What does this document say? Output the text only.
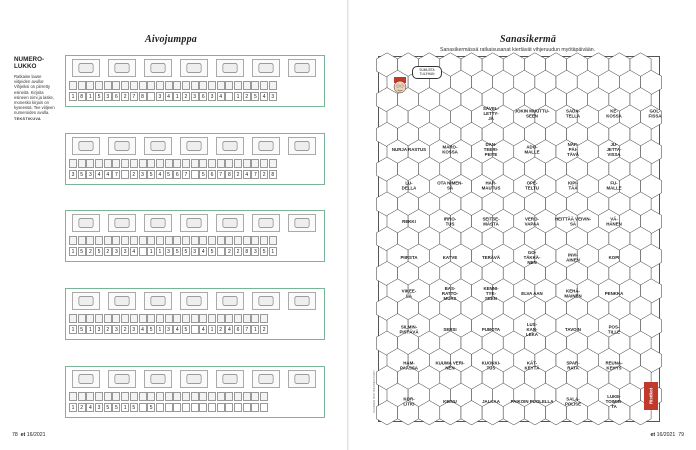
Aivojumppa
NUMERO-
LUKKO
Ratkaise lause viitjeiden avulla! Vihjeiksi on piirretty esineitä. Kirjoita esineen nimi ja laske, monesko kirjain on kyseessä. Tee viitjeen numeroiden avulla.
TEKSTIKUVA
1	8	1	5	3	6	2	7	8	3	4	1	2	3	6	3	4	1	2	5	4	3
3	5	3	4	4	7	2	3	5	4	5	6	7	5	6	7	8	2	4	7	2	8
1	5	2	5	2	3	3	4	1	1	3	5	5	3	4	5	2	2	8	3	5	1
1	5	1	3	2	3	2	3	4	5	1	3	4	5	4	1	2	4	6	7	1	2
1	2	4	3	5	5	1	5	5
78 et 16/2021
Sanasikermä
Sanasikermässä ratkaisusanat kiertävät vihjeruudun myötäpäivään.
SÄVEL-LETTY-JÄ
JOKIN MUUTTU-SEEN
SADA-TELLA
KE-KOSSA
GOL-FISSA
NURJA RASTUS
MARO-KOSSA
DAN-TEERI-PEITE
ADO-MALLE
NÄP-PÄI-TÄVÄ
JU-JETTA-VISSA
LU-DELLA
OTA NIMEN-SÄ
HAR-MAUTUS
OPE-TELTU
KIPI-TÄÄ
FU-MALLE
REKKI
IRRO-TUS
SEITSE-MÄSTÄ
VERO-VAPAA
HEITTÄÄ VEIVIN-SÄ
VÄ-HÄNEN
PIIRSTA	KATVE	TERÄVÄ
GO-TÄKKÄ-NEN
INVI-AINEN
KOPI
VIKEE-LÄ
BAS-RATTO-MURS
KENNI-TYK-SEEN
ELVA AAN
KEHÄ-MAINEN
PENKKA
SILMIN-PISTÄVÄ
SERSI	PUBOTA
LUS-KAN-LEKA
TAVOIN
POS-TILLE
HAM-PAASSA
KUUMA VERI-NEN
KUOKKI-TUS
KÄT-KEYTÄ
SPAR-RATA
REUNA-KEHYS
KOR-LITIO
KEINU	JALKAA PAIKOIN PUOLELLA
SALA-POLISE
LUKE-TOIMIN-TA
SUMUSTA TULEHAN
SUOMEN RISTIKKOMESTARIT	Ristikot
et 16/2021 79
